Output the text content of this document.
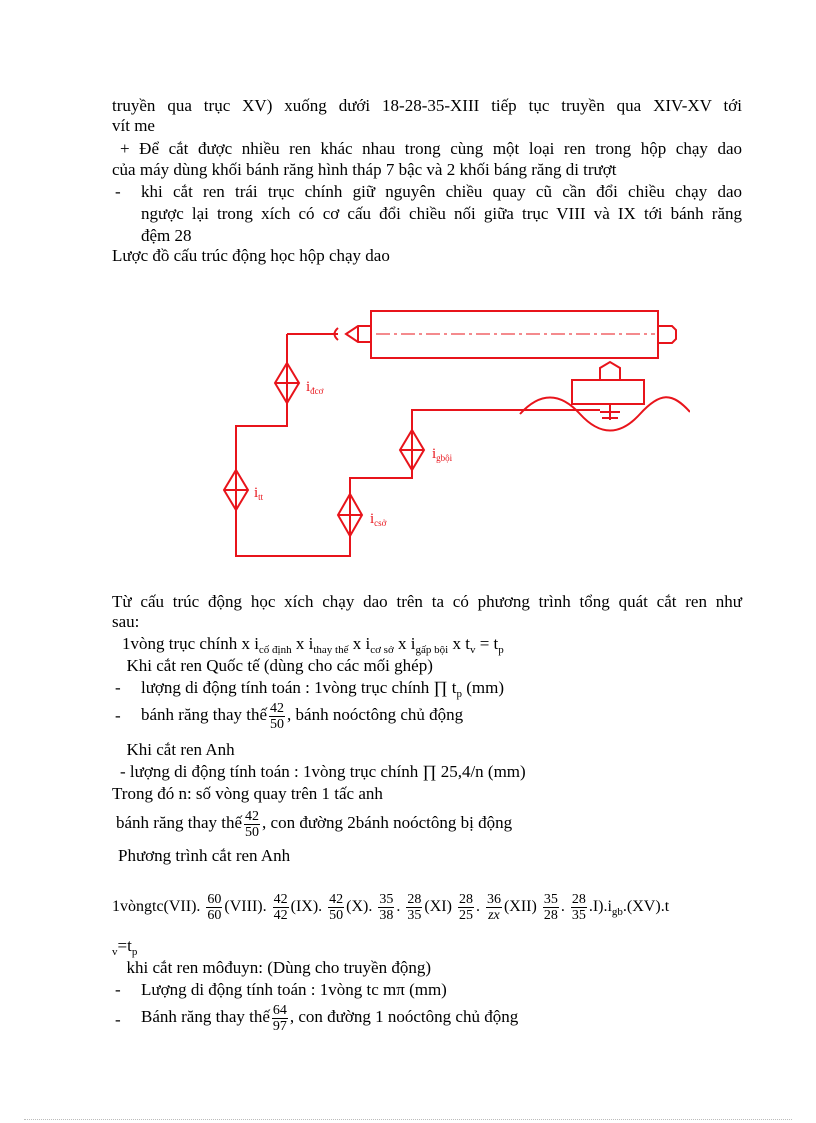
truyền qua trục XV) xuống dưới 18-28-35-XIII tiếp tục truyền qua XIV-XV tới
vít me
+ Để cắt được nhiều ren khác nhau trong cùng một loại ren trong hộp chạy dao
của máy dùng khối bánh răng hình tháp 7 bậc và 2 khối báng răng di trượt
- khi cắt ren trái trục chính giữ nguyên chiều quay cũ cần đổi chiều chạy dao
ngược lại trong xích có cơ cấu đổi chiều nối giữa trục VIII và IX tới bánh răng
đệm 28
Lược đồ cấu trúc động học hộp chạy dao
$i_{đcơ}$
$i_{tt}$
$i_{gbội}$
$i_{csở}$
Từ cấu trúc động học xích chạy dao trên ta có phương trình tổng quát cắt ren như
sau:
1vòng trục chính x $i_{cố định}$ x $i_{thay thế}$ x $i_{cơ sở}$ x $i_{gấp bội}$ x $t_v = t_p$
Khi cắt ren Quốc tế (dùng cho các mối ghép)
- lượng di động tính toán : 1vòng trục chính ∏ $t_p$ (mm)
- bánh răng thay thế $\frac{42}{50}$ , bánh noóctông chủ động
Khi cắt ren Anh
- lượng di động tính toán : 1vòng trục chính ∏ 25,4/n (mm)
Trong đó n: số vòng quay trên 1 tấc anh
bánh răng thay thế $\frac{42}{50}$ , con đường 2bánh noóctông bị động
Phương trình cắt ren Anh
1vòngtc(VII). $\frac{60}{60}$ (VIII). $\frac{42}{42} (IX)$. $\frac{42}{50} (X)$. $\frac{35}{38}$ . $\frac{28}{35} (XI) \frac{28}{25}$ . $\frac{36}{zx} (XII) \frac{35}{28}$ . $\frac{28}{35} .I).i_{gb}.(XV).t$
$_v=t_p$
khi cắt ren môđuyn: (Dùng cho truyền động)
- Lượng di động tính toán : 1vòng tc mπ (mm)
- Bánh răng thay thế $\frac{64}{97}$ , con đường 1 noóctông chủ động
